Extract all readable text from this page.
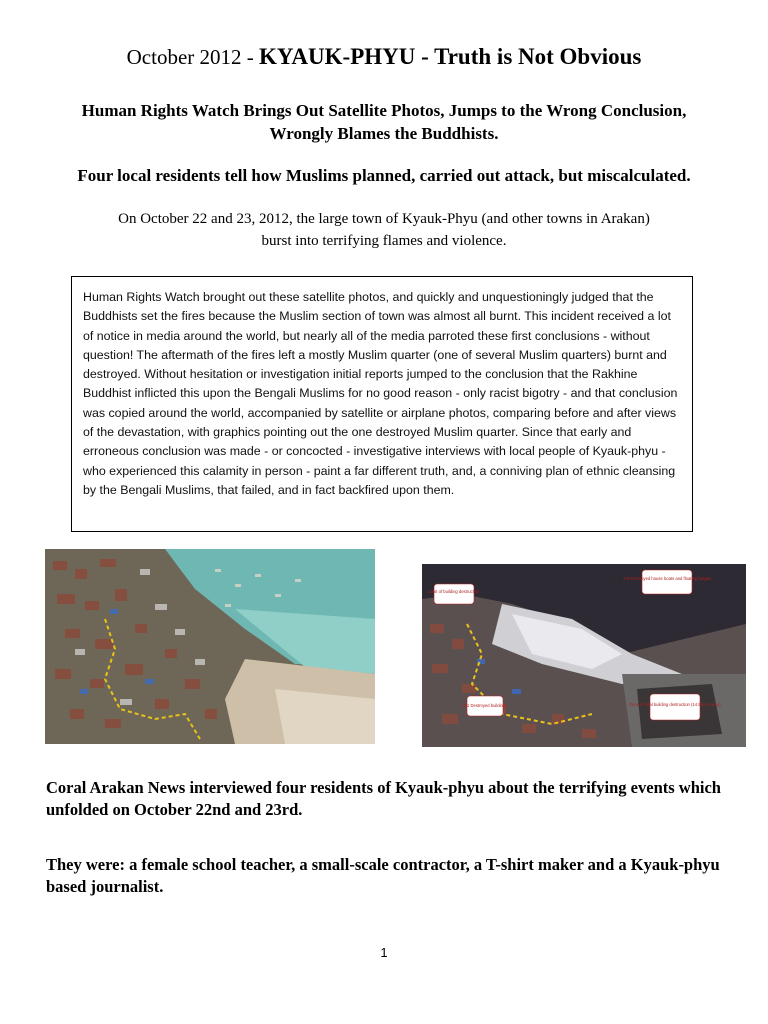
October 2012 - KYAUK-PHYU - Truth is Not Obvious
Human Rights Watch Brings Out Satellite Photos, Jumps to the Wrong Conclusion,
Wrongly Blames the Buddhists.
Four local residents tell how Muslims planned, carried out attack, but miscalculated.
On October 22 and 23, 2012, the large town of Kyauk-Phyu (and other towns in Arakan)
burst into terrifying flames and violence.
Human Rights Watch brought out these satellite photos, and quickly and unquestioningly judged that the Buddhists set the fires because the Muslim section of town was almost all burnt. This incident received a lot of notice in media around the world, but nearly all of the media parroted these first conclusions - without question! The aftermath of the fires left a mostly Muslim quarter (one of several Muslim quarters) burnt and destroyed. Without hesitation or investigation initial reports jumped to the conclusion that the Rakhine Buddhist inflicted this upon the Bengali Muslims for no good reason - only racist bigotry - and that conclusion was copied around the world, accompanied by satellite or airplane photos, comparing before and after views of the devastation, with graphics pointing out the one destroyed Muslim quarter. Since that early and erroneous conclusion was made - or concocted - investigative interviews with local people of Kyauk-phyu - who experienced this calamity in person - paint a far different truth, and, a conniving plan of ethnic cleansing by the Bengali Muslims, that failed, and in fact backfired upon them.
Limit of building destruction
172 Destroyed house boats and floating barges
811 Destroyed buildings	Zone of total building destruction (14.9ha in area)
Coral Arakan News interviewed four residents of Kyauk-phyu about the terrifying events which unfolded on October 22nd and 23rd.
They were: a female school teacher, a small-scale contractor, a T-shirt maker and a Kyauk-phyu based journalist.
1
